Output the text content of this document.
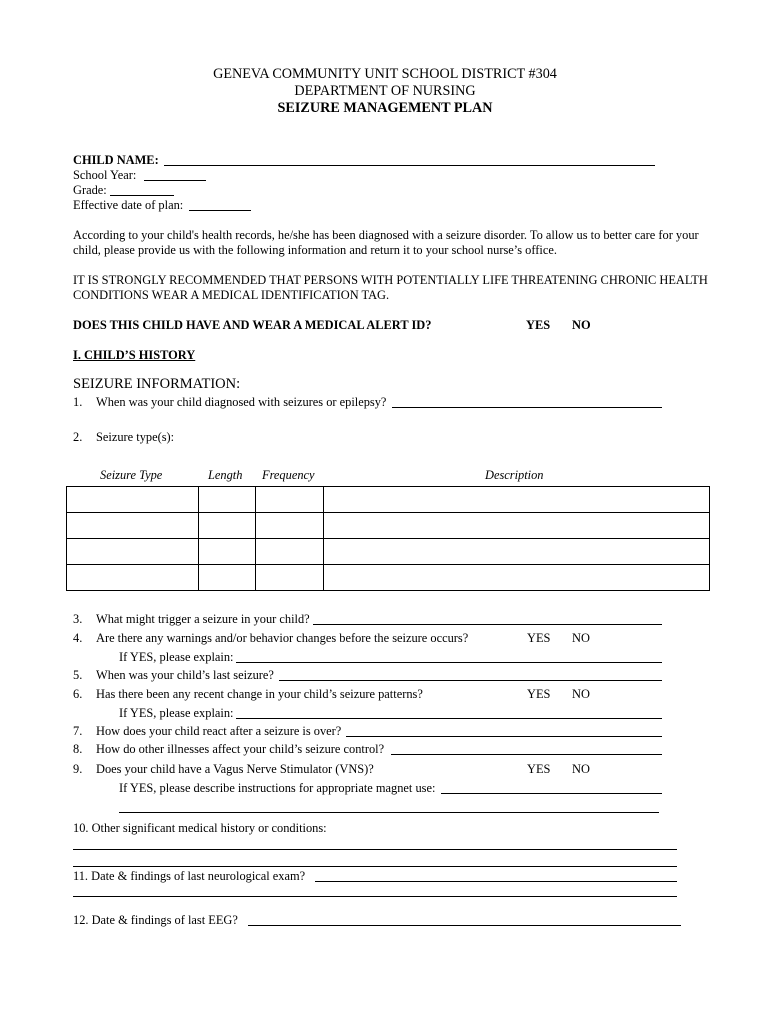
GENEVA COMMUNITY UNIT SCHOOL DISTRICT #304
DEPARTMENT OF NURSING
SEIZURE MANAGEMENT PLAN
CHILD NAME:
School Year:
Grade:
Effective date of plan:
According to your child's health records, he/she has been diagnosed with a seizure disorder. To allow us to better care for your
child, please provide us with the following information and return it to your school nurse’s office.
IT IS STRONGLY RECOMMENDED THAT PERSONS WITH POTENTIALLY LIFE THREATENING CHRONIC HEALTH
CONDITIONS WEAR A MEDICAL IDENTIFICATION TAG.
DOES THIS CHILD HAVE AND WEAR A MEDICAL ALERT ID?	YES NO
I. CHILD’S HISTORY
SEIZURE INFORMATION:
1. When was your child diagnosed with seizures or epilepsy?
2. Seizure type(s):
Seizure Type	Length Frequency	Description

3. What might trigger a seizure in your child?
4. Are there any warnings and/or behavior changes before the seizure occurs?	YES NO
If YES, please explain:
5. When was your child’s last seizure?
6. Has there been any recent change in your child’s seizure patterns?	YES NO
If YES, please explain:
7. How does your child react after a seizure is over?
8. How do other illnesses affect your child’s seizure control?
9. Does your child have a Vagus Nerve Stimulator (VNS)?	YES NO
If YES, please describe instructions for appropriate magnet use:
10. Other significant medical history or conditions:
11. Date & findings of last neurological exam?
12. Date & findings of last EEG?
